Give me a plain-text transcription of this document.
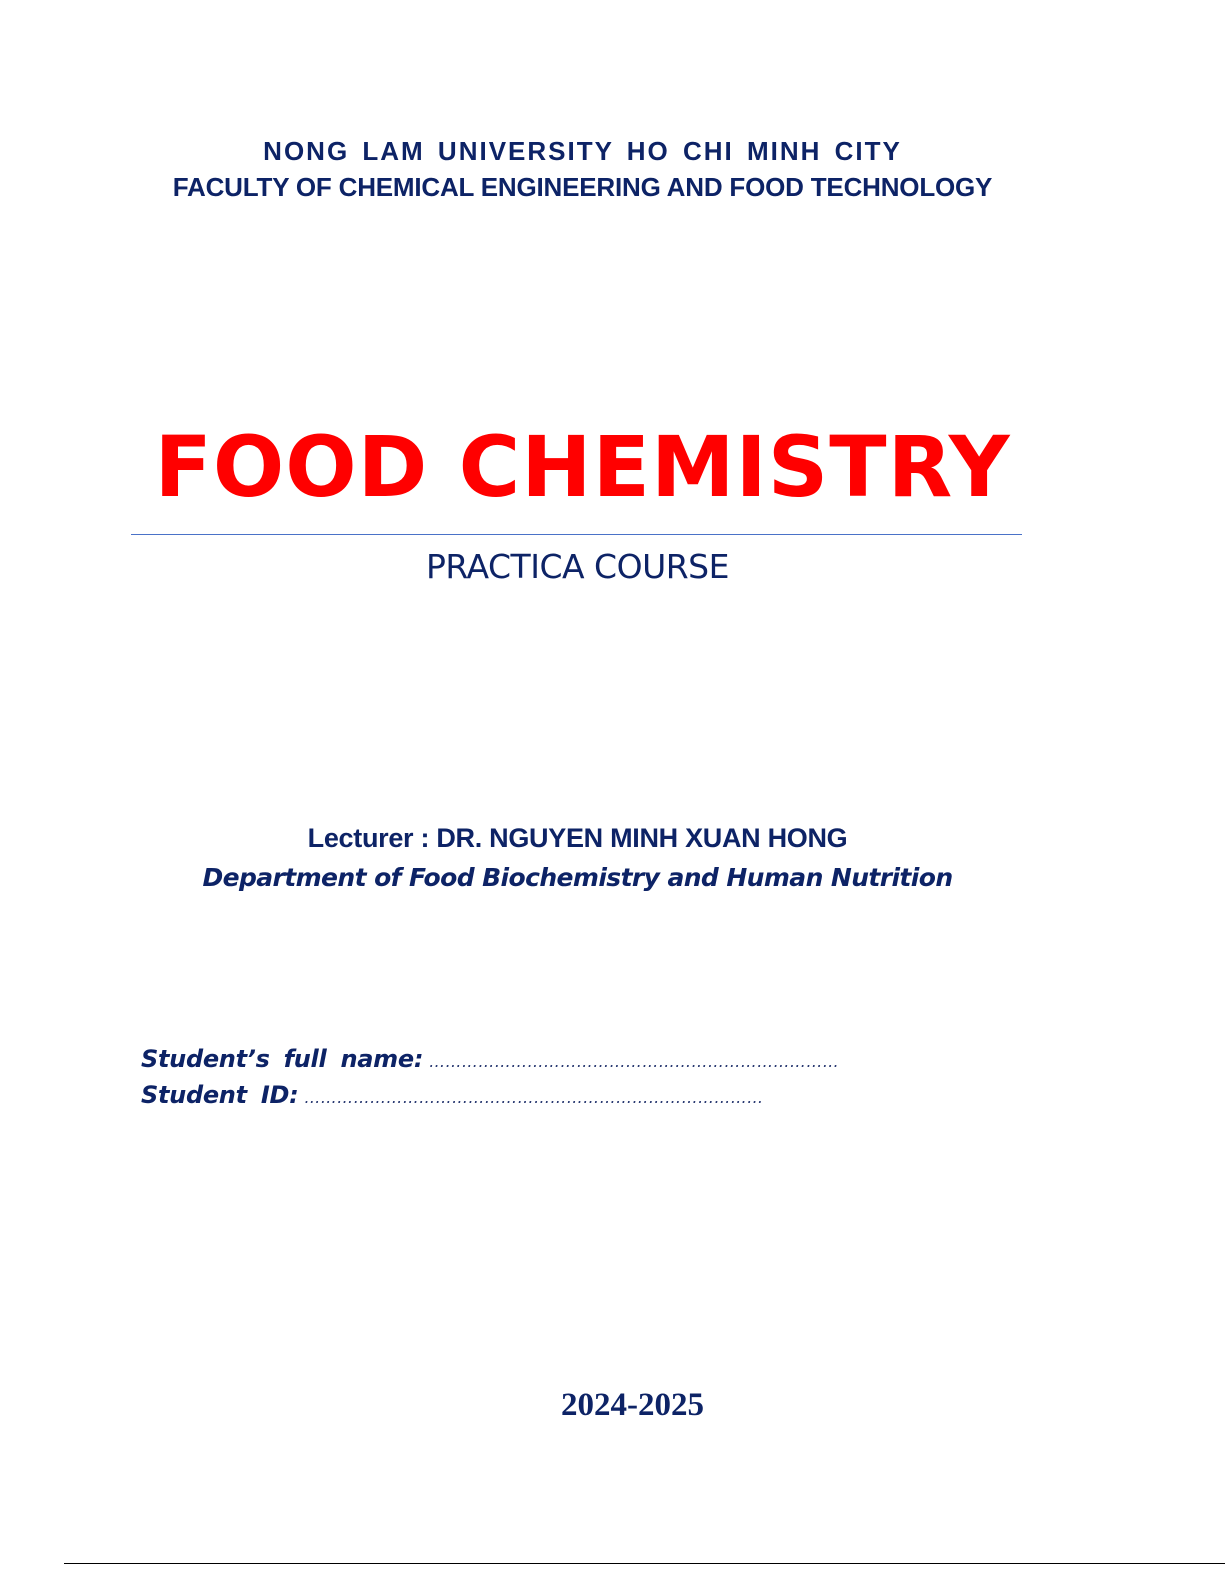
NONG LAM UNIVERSITY HO CHI MINH CITY
FACULTY OF CHEMICAL ENGINEERING AND FOOD TECHNOLOGY
FOOD CHEMISTRY
PRACTICA COURSE
Lecturer : DR. NGUYEN MINH XUAN HONG
Department of Food Biochemistry and Human Nutrition
Student’s full name: …………………………………………………………………
Student ID: …………………………………………………………………………
2024-2025
